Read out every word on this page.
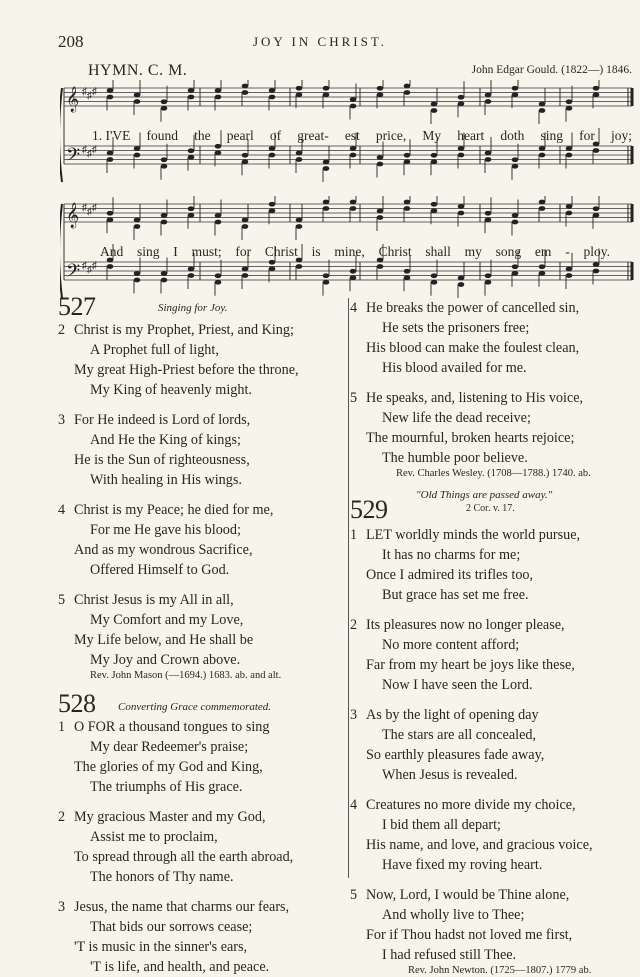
208	JOY IN CHRIST.
HYMN. C. M.	John Edgar Gould. (1822—) 1846.
𝄞 ♯ ♯ ♯
𝄢 ♯ ♯ ♯
1. I'VE found the pearl of great- est price, My heart doth sing for joy;
𝄞 ♯ ♯ ♯
𝄢 ♯ ♯ ♯
And sing I must; for Christ is mine, Christ shall my song em - ploy.
527	Singing for Joy.
2 Christ is my Prophet, Priest, and King;
A Prophet full of light,
My great High-Priest before the throne,
My King of heavenly might.
3 For He indeed is Lord of lords,
And He the King of kings;
He is the Sun of righteousness,
With healing in His wings.
4 Christ is my Peace; he died for me,
For me He gave his blood;
And as my wondrous Sacrifice,
Offered Himself to God.
5 Christ Jesus is my All in all,
My Comfort and my Love,
My Life below, and He shall be
My Joy and Crown above.
Rev. John Mason (—1694.) 1683. ab. and alt.
528 Converting Grace commemorated.
1 O FOR a thousand tongues to sing
My dear Redeemer's praise;
The glories of my God and King,
The triumphs of His grace.
2 My gracious Master and my God,
Assist me to proclaim,
To spread through all the earth abroad,
The honors of Thy name.
3 Jesus, the name that charms our fears,
That bids our sorrows cease;
'T is music in the sinner's ears,
'T is life, and health, and peace.
4 He breaks the power of cancelled sin,
He sets the prisoners free;
His blood can make the foulest clean,
His blood availed for me.
5 He speaks, and, listening to His voice,
New life the dead receive;
The mournful, broken hearts rejoice;
The humble poor believe.
Rev. Charles Wesley. (1708—1788.) 1740. ab.
529	"Old Things are passed away."
2 Cor. v. 17.
1 LET worldly minds the world pursue,
It has no charms for me;
Once I admired its trifles too,
But grace has set me free.
2 Its pleasures now no longer please,
No more content afford;
Far from my heart be joys like these,
Now I have seen the Lord.
3 As by the light of opening day
The stars are all concealed,
So earthly pleasures fade away,
When Jesus is revealed.
4 Creatures no more divide my choice,
I bid them all depart;
His name, and love, and gracious voice,
Have fixed my roving heart.
5 Now, Lord, I would be Thine alone,
And wholly live to Thee;
For if Thou hadst not loved me first,
I had refused still Thee.
Rev. John Newton. (1725—1807.) 1779 ab.
